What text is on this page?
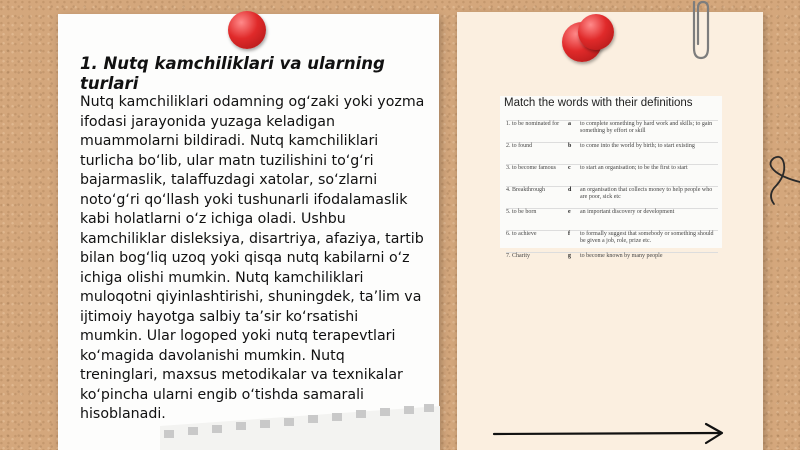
1. Nutq kamchiliklari va ularning turlari

Nutq kamchiliklari odamning og‘zaki yoki yozma ifodasi jarayonida yuzaga keladigan muammolarni bildiradi. Nutq kamchiliklari turlicha bo‘lib, ular matn tuzilishini to‘g‘ri bajarmaslik, talaffuzdagi xatolar, so‘zlarni noto‘g‘ri qo‘llash yoki tushunarli ifodalamaslik kabi holatlarni o‘z ichiga oladi. Ushbu kamchiliklar disleksiya, disartriya, afaziya, tartib bilan bog‘liq uzoq yoki qisqa nutq kabilarni o‘z ichiga olishi mumkin. Nutq kamchiliklari muloqotni qiyinlashtirishi, shuningdek, ta’lim va ijtimoiy hayotga salbiy ta’sir ko‘rsatishi mumkin. Ular logoped yoki nutq terapevtlari ko‘magida davolanishi mumkin. Nutq treninglari, maxsus metodikalar va texnikalar ko‘pincha ularni engib o‘tishda samarali hisoblanadi.

Match the words with their definitions
1. to be nominated for	a	to complete something by hard work and skills; to gain something by effort or skill
2. to found	b	to come into the world by birth; to start existing
3. to become famous	c	to start an organisation; to be the first to start
4. Breakthrough	d	an organisation that collects money to help people who are poor, sick etc
5. to be born	e	an important discovery or development
6. to achieve	f	to formally suggest that somebody or something should be given a job, role, prize etc.
7. Charity	g	to become known by many people
